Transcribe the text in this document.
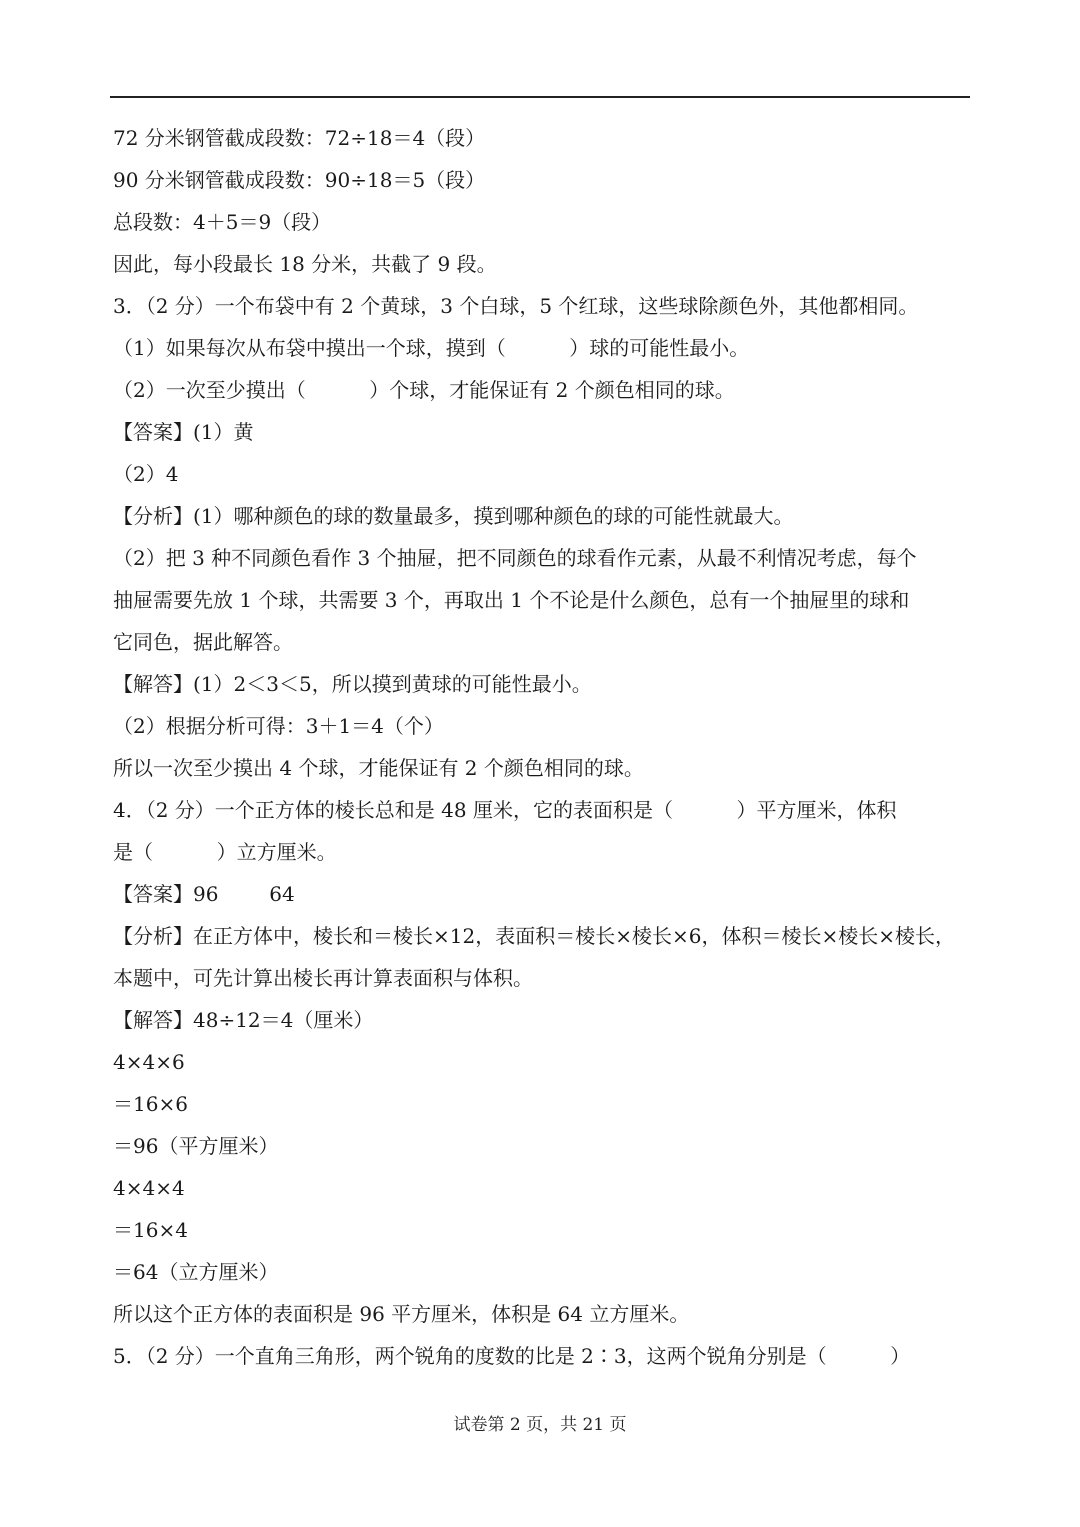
72 分米钢管截成段数：72÷18＝4（段）
90 分米钢管截成段数：90÷18＝5（段）
总段数：4＋5＝9（段）
因此，每小段最长 18 分米，共截了 9 段。
3．（2 分）一个布袋中有 2 个黄球，3 个白球，5 个红球，这些球除颜色外，其他都相同。
（1）如果每次从布袋中摸出一个球，摸到（          ）球的可能性最小。
（2）一次至少摸出（          ）个球，才能保证有 2 个颜色相同的球。
【答案】(1）黄
（2）4
【分析】(1）哪种颜色的球的数量最多，摸到哪种颜色的球的可能性就最大。
（2）把 3 种不同颜色看作 3 个抽屉，把不同颜色的球看作元素，从最不利情况考虑，每个
抽屉需要先放 1 个球，共需要 3 个，再取出 1 个不论是什么颜色，总有一个抽屉里的球和
它同色，据此解答。
【解答】(1）2＜3＜5，所以摸到黄球的可能性最小。
（2）根据分析可得：3＋1＝4（个）
所以一次至少摸出 4 个球，才能保证有 2 个颜色相同的球。
4．（2 分）一个正方体的棱长总和是 48 厘米，它的表面积是（          ）平方厘米，体积
是（          ）立方厘米。
【答案】96        64
【分析】在正方体中，棱长和＝棱长×12，表面积＝棱长×棱长×6，体积＝棱长×棱长×棱长，
本题中，可先计算出棱长再计算表面积与体积。
【解答】48÷12＝4（厘米）
4×4×6
＝16×6
＝96（平方厘米）
4×4×4
＝16×4
＝64（立方厘米）
所以这个正方体的表面积是 96 平方厘米，体积是 64 立方厘米。
5．（2 分）一个直角三角形，两个锐角的度数的比是 2∶3，这两个锐角分别是（          ）
试卷第 2 页，共 21 页
